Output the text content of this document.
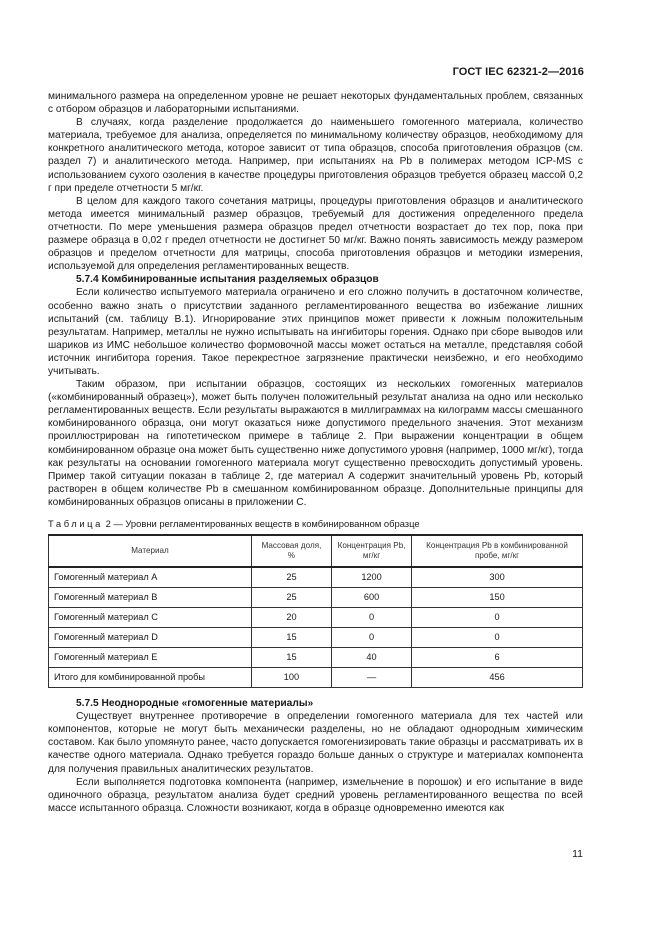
ГОСТ IEC 62321-2—2016

минимального размера на определенном уровне не решает некоторых фундаментальных проблем, связанных с отбором образцов и лабораторными испытаниями.

В случаях, когда разделение продолжается до наименьшего гомогенного материала, количество материала, требуемое для анализа, определяется по минимальному количеству образцов, необходимому для конкретного аналитического метода, которое зависит от типа образцов, способа приготовления образцов (см. раздел 7) и аналитического метода. Например, при испытаниях на Pb в полимерах методом ICP-MS с использованием сухого озоления в качестве процедуры приготовления образцов требуется образец массой 0,2 г при пределе отчетности 5 мг/кг.

В целом для каждого такого сочетания матрицы, процедуры приготовления образцов и аналитического метода имеется минимальный размер образцов, требуемый для достижения определенного предела отчетности. По мере уменьшения размера образцов предел отчетности возрастает до тех пор, пока при размере образца в 0,02 г предел отчетности не достигнет 50 мг/кг. Важно понять зависимость между размером образцов и пределом отчетности для матрицы, способа приготовления образцов и методики измерения, используемой для определения регламентированных веществ.

5.7.4 Комбинированные испытания разделяемых образцов

Если количество испытуемого материала ограничено и его сложно получить в достаточном количестве, особенно важно знать о присутствии заданного регламентированного вещества во избежание лишних испытаний (см. таблицу В.1). Игнорирование этих принципов может привести к ложным положительным результатам. Например, металлы не нужно испытывать на ингибиторы горения. Однако при сборе выводов или шариков из ИМС небольшое количество формовочной массы может остаться на металле, представляя собой источник ингибитора горения. Такое перекрестное загрязнение практически неизбежно, и его необходимо учитывать.

Таким образом, при испытании образцов, состоящих из нескольких гомогенных материалов («комбинированный образец»), может быть получен положительный результат анализа на одно или несколько регламентированных веществ. Если результаты выражаются в миллиграммах на килограмм массы смешанного комбинированного образца, они могут оказаться ниже допустимого предельного значения. Этот механизм проиллюстрирован на гипотетическом примере в таблице 2. При выражении концентрации в общем комбинированном образце она может быть существенно ниже допустимого уровня (например, 1000 мг/кг), тогда как результаты на основании гомогенного материала могут существенно превосходить допустимый уровень. Пример такой ситуации показан в таблице 2, где материал А содержит значительный уровень Pb, который растворен в общем количестве Pb в смешанном комбинированном образце. Дополнительные принципы для комбинированных образцов описаны в приложении С.

Таблица 2 — Уровни регламентированных веществ в комбинированном образце
Материал	Массовая доля, %	Концентрация Pb, мг/кг	Концентрация Pb в комбинированной пробе, мг/кг
Гомогенный материал А	25	1200	300
Гомогенный материал В	25	600	150
Гомогенный материал С	20	0	0
Гомогенный материал D	15	0	0
Гомогенный материал Е	15	40	6
Итого для комбинированной пробы	100	—	456

5.7.5 Неоднородные «гомогенные материалы»

Существует внутреннее противоречие в определении гомогенного материала для тех частей или компонентов, которые не могут быть механически разделены, но не обладают однородным химическим составом. Как было упомянуто ранее, часто допускается гомогенизировать такие образцы и рассматривать их в качестве одного материала. Однако требуется гораздо больше данных о структуре и материалах компонента для получения правильных аналитических результатов.

Если выполняется подготовка компонента (например, измельчение в порошок) и его испытание в виде одиночного образца, результатом анализа будет средний уровень регламентированного вещества по всей массе испытанного образца. Сложности возникают, когда в образце одновременно имеются как

11
